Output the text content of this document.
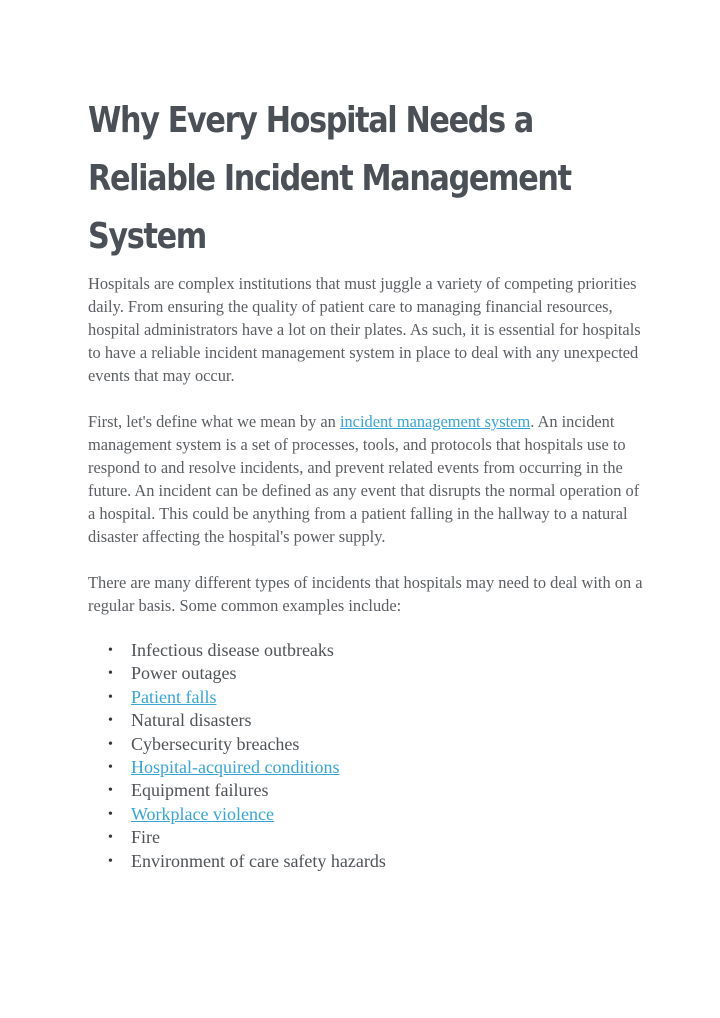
Why Every Hospital Needs a Reliable Incident Management System

Hospitals are complex institutions that must juggle a variety of competing priorities daily. From ensuring the quality of patient care to managing financial resources, hospital administrators have a lot on their plates. As such, it is essential for hospitals to have a reliable incident management system in place to deal with any unexpected events that may occur.

First, let's define what we mean by an incident management system. An incident management system is a set of processes, tools, and protocols that hospitals use to respond to and resolve incidents, and prevent related events from occurring in the future. An incident can be defined as any event that disrupts the normal operation of a hospital. This could be anything from a patient falling in the hallway to a natural disaster affecting the hospital's power supply.

There are many different types of incidents that hospitals may need to deal with on a regular basis. Some common examples include:

• Infectious disease outbreaks
• Power outages
• Patient falls
• Natural disasters
• Cybersecurity breaches
• Hospital-acquired conditions
• Equipment failures
• Workplace violence
• Fire
• Environment of care safety hazards
